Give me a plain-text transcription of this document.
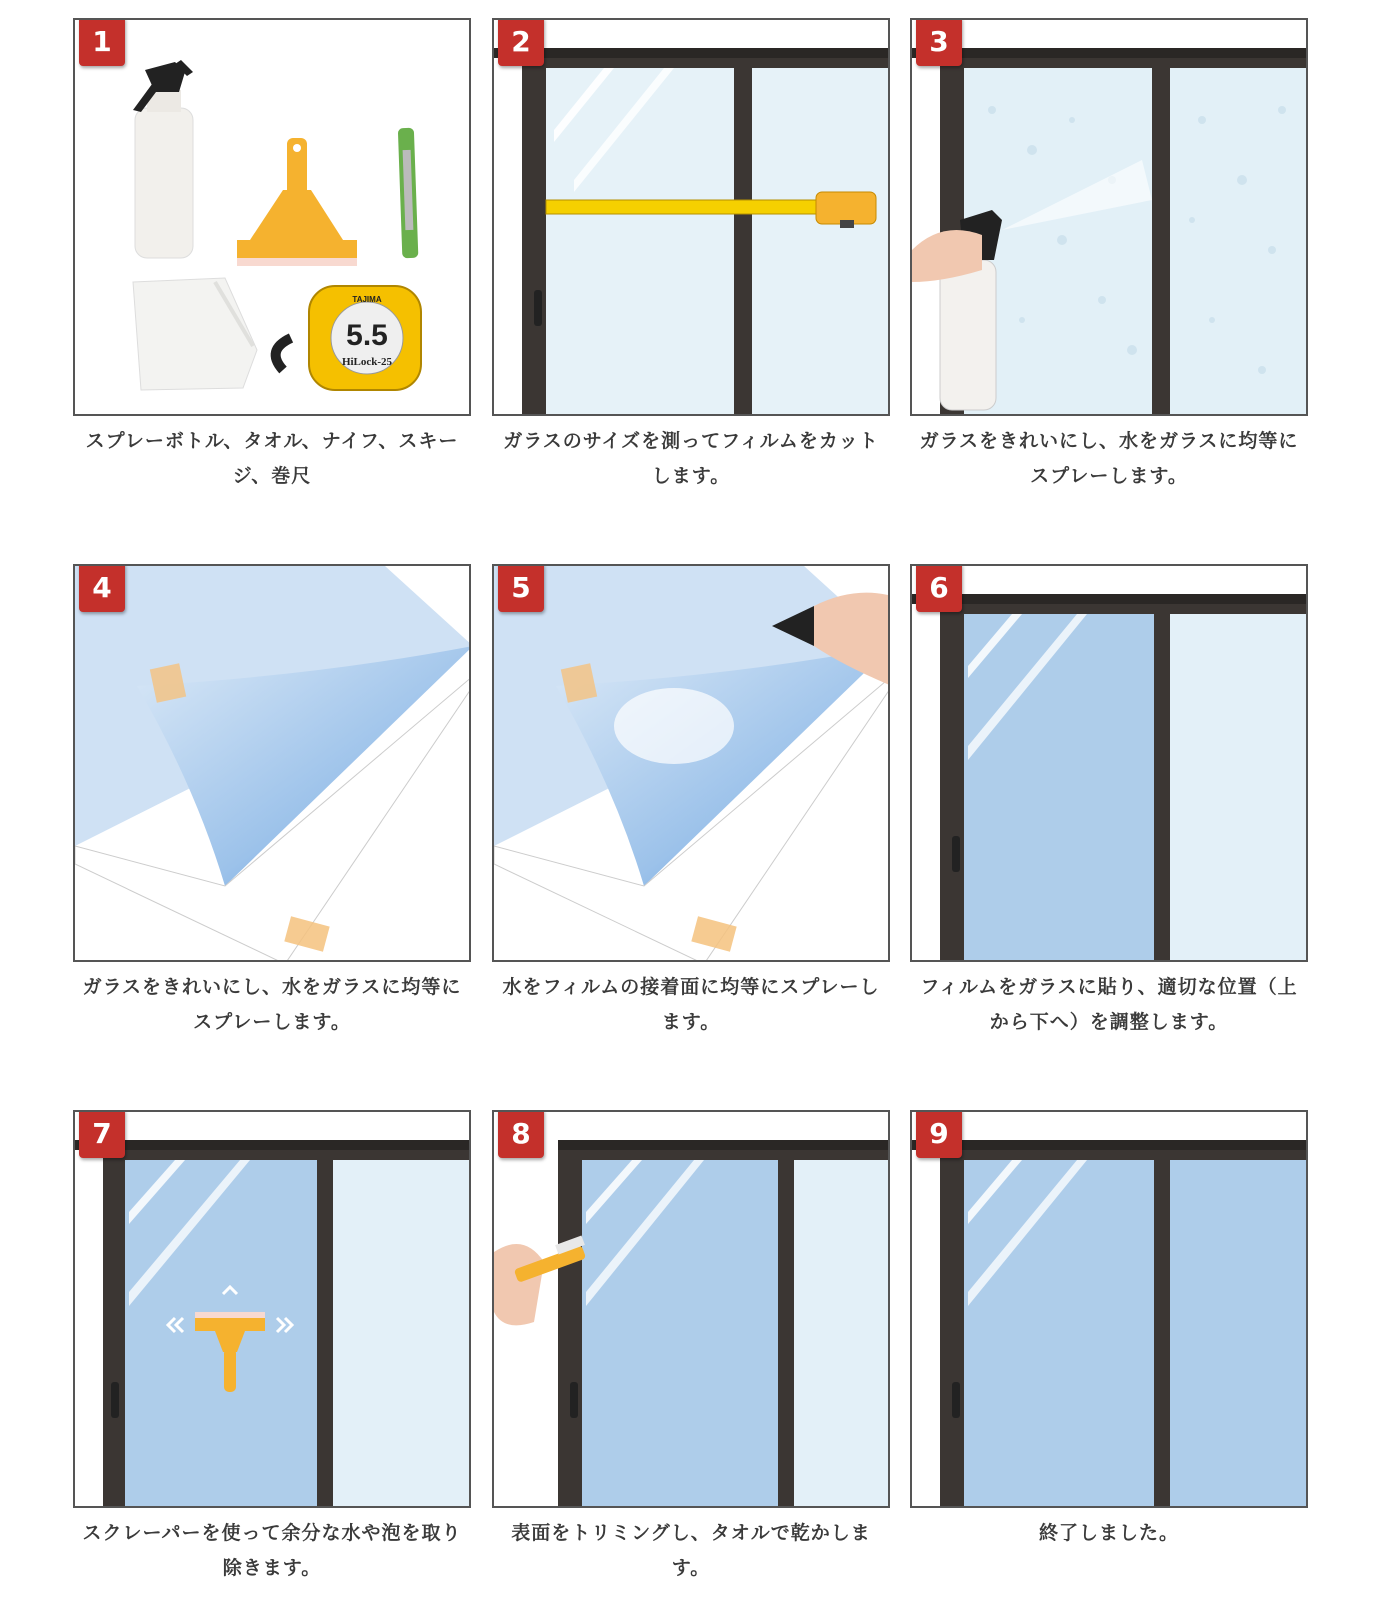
1
TAJIMA
5.5
HiLock-25
スプレーボトル、タオル、ナイフ、スキージ、巻尺
2
ガラスのサイズを測ってフィルムをカットします。
3
ガラスをきれいにし、水をガラスに均等にスプレーします。
4
ガラスをきれいにし、水をガラスに均等にスプレーします。
5
水をフィルムの接着面に均等にスプレーします。
6
フィルムをガラスに貼り、適切な位置（上から下へ）を調整します。
7
スクレーパーを使って余分な水や泡を取り除きます。
8
表面をトリミングし、タオルで乾かします。
9
終了しました。
